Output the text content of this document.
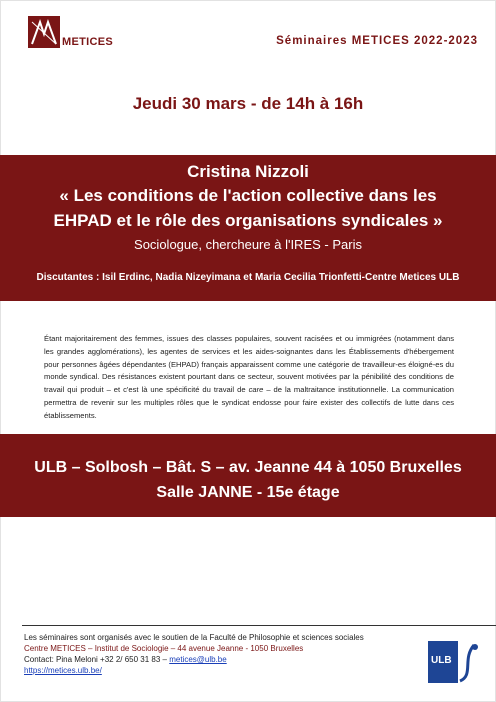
METICES	Séminaires METICES 2022-2023
Jeudi 30 mars - de 14h à 16h
Cristina Nizzoli
« Les conditions de l'action collective dans les
EHPAD et le rôle des organisations syndicales »
Sociologue, chercheure à l'IRES - Paris
Discutantes : Isil Erdinc, Nadia Nizeyimana et Maria Cecilia Trionfetti-Centre Metices ULB
Étant majoritairement des femmes, issues des classes populaires, souvent racisées et ou immigrées (notamment dans les grandes agglomérations), les agentes de services et les aides-soignantes dans les Établissements d'hébergement pour personnes âgées dépendantes (EHPAD) français apparaissent comme une catégorie de travailleur-es éloigné-es du monde syndical. Des résistances existent pourtant dans ce secteur, souvent motivées par la pénibilité des conditions de travail qui produit – et c'est là une spécificité du travail de care – de la maltraitance institutionnelle. La communication permettra de revenir sur les multiples rôles que le syndicat endosse pour faire exister des collectifs de lutte dans ces établissements.
ULB – Solbosh – Bât. S – av. Jeanne 44 à 1050 Bruxelles
Salle JANNE - 15e étage
Les séminaires sont organisés avec le soutien de la Faculté de Philosophie et sciences sociales
Centre METICES – Institut de Sociologie – 44 avenue Jeanne - 1050 Bruxelles
Contact: Pina Meloni +32 2/ 650 31 83 – metices@ulb.be
https://metices.ulb.be/
ULB
